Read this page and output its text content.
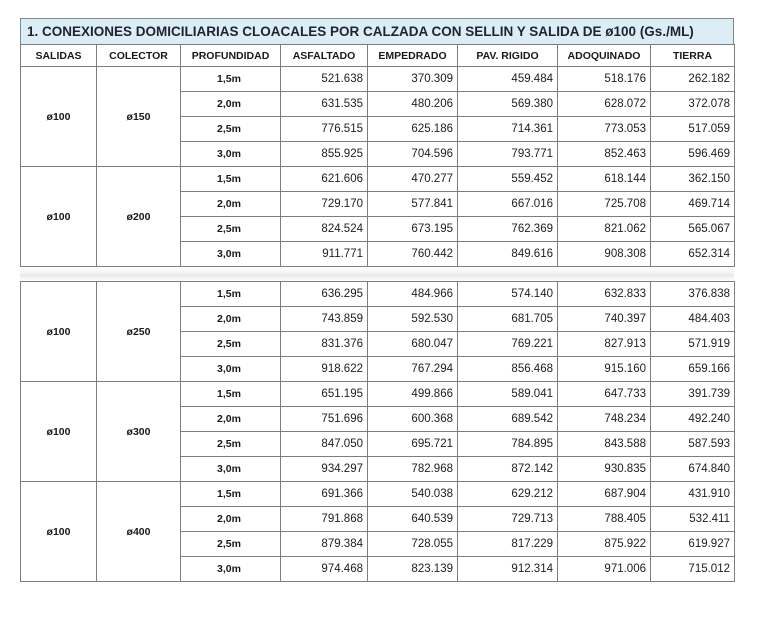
1. CONEXIONES DOMICILIARIAS CLOACALES POR CALZADA CON SELLIN Y SALIDA DE ø100 (Gs./ML)
SALIDAS	COLECTOR	PROFUNDIDAD	ASFALTADO	EMPEDRADO	PAV. RIGIDO	ADOQUINADO	TIERRA
ø100	ø150	1,5m	521.638	370.309	459.484	518.176	262.182
		2,0m	631.535	480.206	569.380	628.072	372.078
		2,5m	776.515	625.186	714.361	773.053	517.059
		3,0m	855.925	704.596	793.771	852.463	596.469
ø100	ø200	1,5m	621.606	470.277	559.452	618.144	362.150
		2,0m	729.170	577.841	667.016	725.708	469.714
		2,5m	824.524	673.195	762.369	821.062	565.067
		3,0m	911.771	760.442	849.616	908.308	652.314
ø100	ø250	1,5m	636.295	484.966	574.140	632.833	376.838
		2,0m	743.859	592.530	681.705	740.397	484.403
		2,5m	831.376	680.047	769.221	827.913	571.919
		3,0m	918.622	767.294	856.468	915.160	659.166
ø100	ø300	1,5m	651.195	499.866	589.041	647.733	391.739
		2,0m	751.696	600.368	689.542	748.234	492.240
		2,5m	847.050	695.721	784.895	843.588	587.593
		3,0m	934.297	782.968	872.142	930.835	674.840
ø100	ø400	1,5m	691.366	540.038	629.212	687.904	431.910
		2,0m	791.868	640.539	729.713	788.405	532.411
		2,5m	879.384	728.055	817.229	875.922	619.927
		3,0m	974.468	823.139	912.314	971.006	715.012
